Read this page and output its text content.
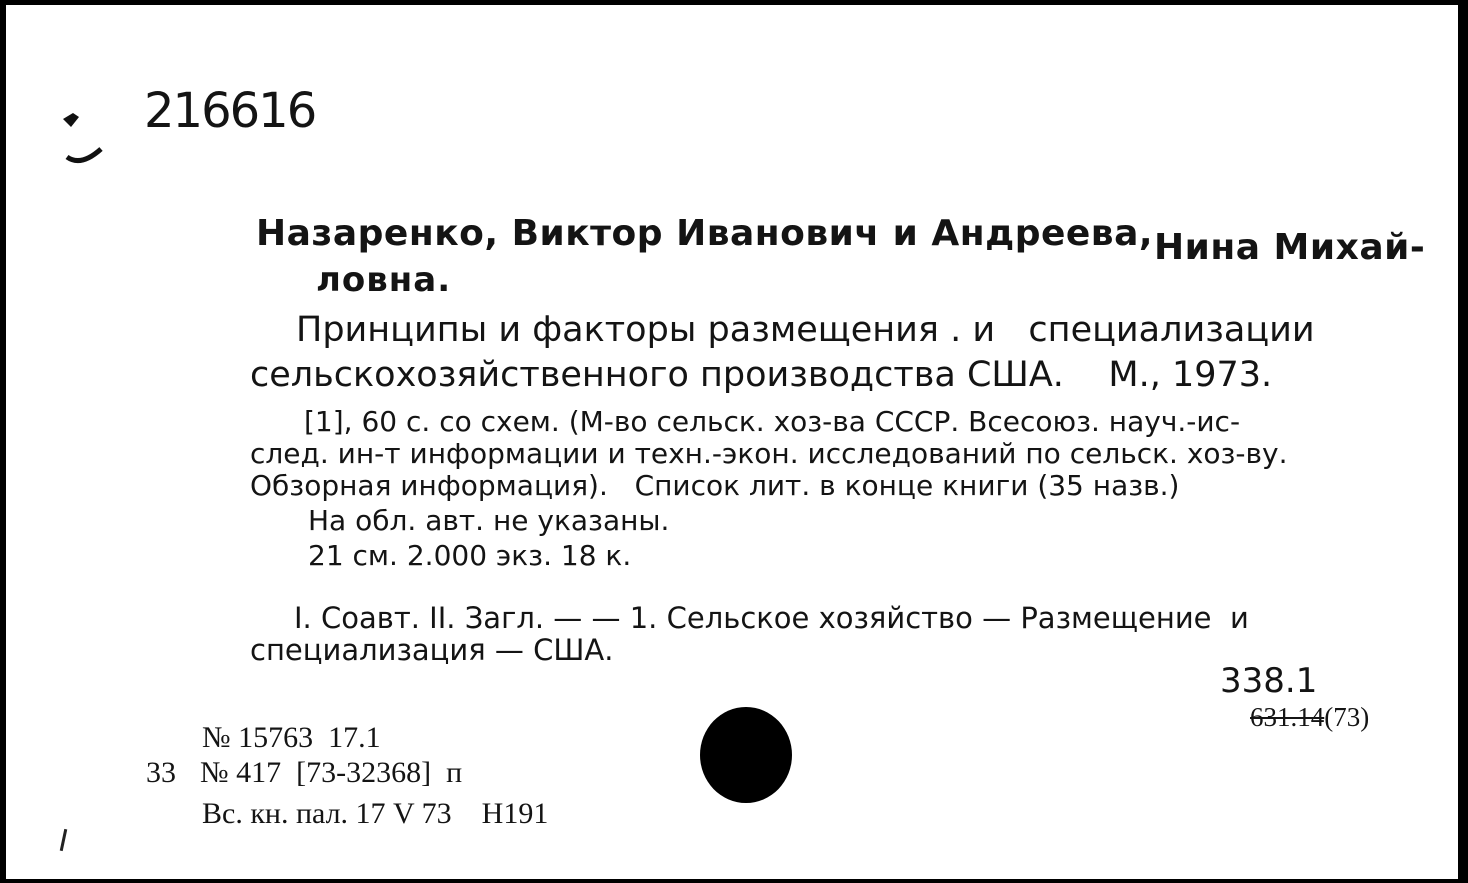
216616
Назаренко, Виктор Иванович и Андреева, Нина Михай-
ловна.
Принципы и факторы размещения . и   специализации
сельскохозяйственного производства США.    М., 1973.
[1], 60 с. со схем. (М-во сельск. хоз-ва СССР. Всесоюз. науч.-ис-
след. ин-т информации и техн.-экон. исследований по сельск. хоз-ву.
Обзорная информация).   Список лит. в конце книги (35 назв.)
На обл. авт. не указаны.
21 см. 2.000 экз. 18 к.
I. Соавт. II. Загл. — — 1. Сельское хозяйство — Размещение  и
специализация — США.
338.1
631.14(73)
№ 15763  17.1
33 № 417  [73-32368]  п
Вс. кн. пал. 17 V 73    Н191
